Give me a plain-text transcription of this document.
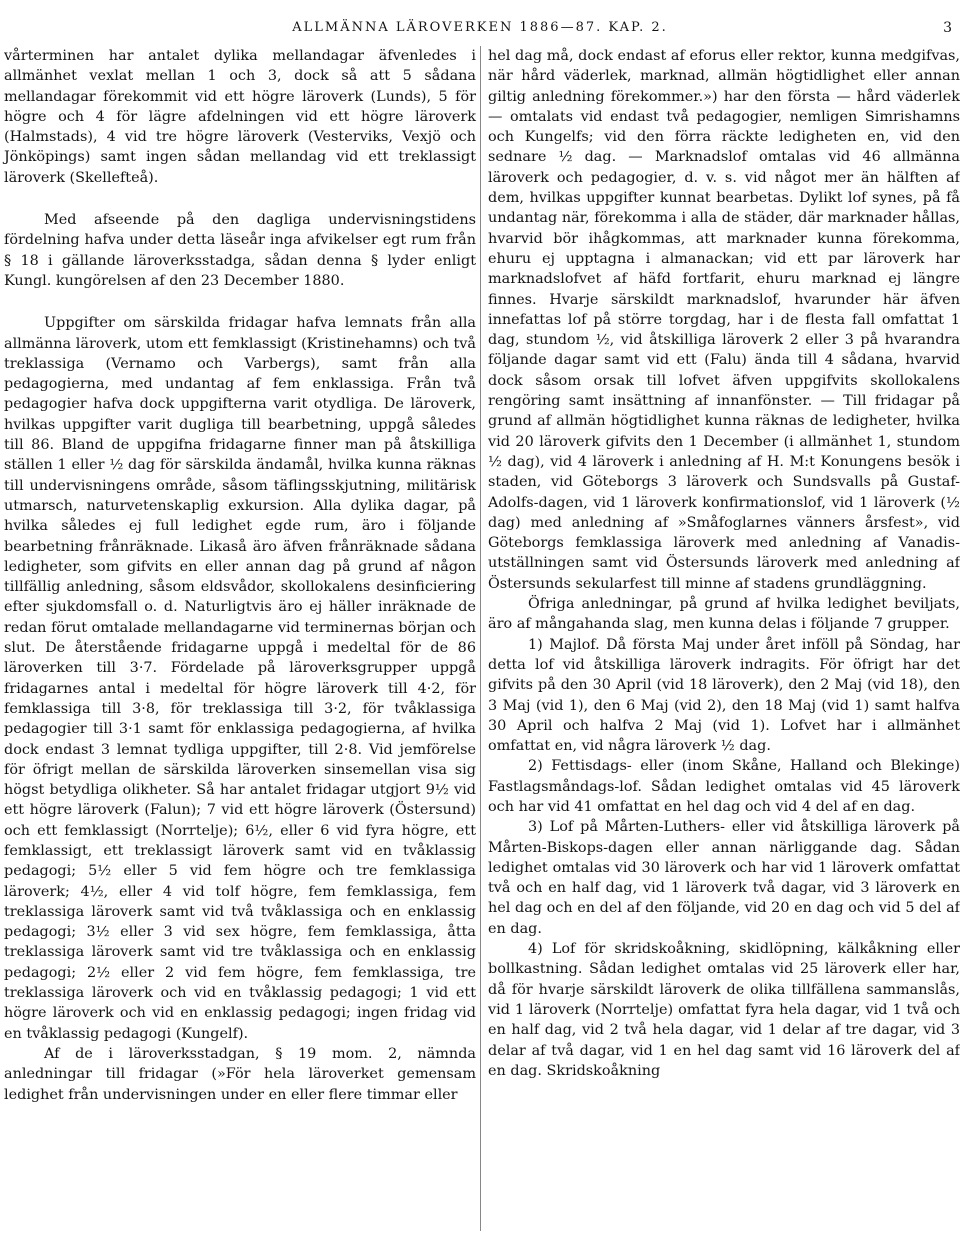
ALLMÄNNA LÄROVERKEN 1886—87. KAP. 2.	3

vårterminen har antalet dylika mellandagar äfvenledes i allmänhet vexlat mellan 1 och 3, dock så att 5 sådana mellandagar förekommit vid ett högre läroverk (Lunds), 5 för högre och 4 för lägre afdelningen vid ett högre läroverk (Halmstads), 4 vid tre högre läroverk (Vesterviks, Vexjö och Jönköpings) samt ingen sådan mellandag vid ett treklassigt läroverk (Skellefteå).

Med afseende på den dagliga undervisningstidens fördelning hafva under detta läseår inga afvikelser egt rum från § 18 i gällande läroverksstadga, sådan denna § lyder enligt Kungl. kungörelsen af den 23 December 1880.

Uppgifter om särskilda fridagar hafva lemnats från alla allmänna läroverk, utom ett femklassigt (Kristinehamns) och två treklassiga (Vernamo och Varbergs), samt från alla pedagogierna, med undantag af fem enklassiga. Från två pedagogier hafva dock uppgifterna varit otydliga. De läroverk, hvilkas uppgifter varit dugliga till bearbetning, uppgå således till 86. Bland de uppgifna fridagarne finner man på åtskilliga ställen 1 eller ½ dag för särskilda ändamål, hvilka kunna räknas till undervisningens område, såsom täflingsskjutning, militärisk utmarsch, naturvetenskaplig exkursion. Alla dylika dagar, på hvilka således ej full ledighet egde rum, äro i följande bearbetning frånräknade. Likaså äro äfven frånräknade sådana ledigheter, som gifvits en eller annan dag på grund af någon tillfällig anledning, såsom eldsvådor, skollokalens desinficiering efter sjukdomsfall o. d. Naturligtvis äro ej häller inräknade de redan förut omtalade mellandagarne vid terminernas början och slut. De återstående fridagarne uppgå i medeltal för de 86 läroverken till 3·7. Fördelade på läroverksgrupper uppgå fridagarnes antal i medeltal för högre läroverk till 4·2, för femklassiga till 3·8, för treklassiga till 3·2, för tvåklassiga pedagogier till 3·1 samt för enklassiga pedagogierna, af hvilka dock endast 3 lemnat tydliga uppgifter, till 2·8. Vid jemförelse för öfrigt mellan de särskilda läroverken sinsemellan visa sig högst betydliga olikheter. Så har antalet fridagar utgjort 9½ vid ett högre läroverk (Falun); 7 vid ett högre läroverk (Östersund) och ett femklassigt (Norrtelje); 6½, eller 6 vid fyra högre, ett femklassigt, ett treklassigt läroverk samt vid en tvåklassig pedagogi; 5½ eller 5 vid fem högre och tre femklassiga läroverk; 4½, eller 4 vid tolf högre, fem femklassiga, fem treklassiga läroverk samt vid två tvåklassiga och en enklassig pedagogi; 3½ eller 3 vid sex högre, fem femklassiga, åtta treklassiga läroverk samt vid tre tvåklassiga och en enklassig pedagogi; 2½ eller 2 vid fem högre, fem femklassiga, tre treklassiga läroverk och vid en tvåklassig pedagogi; 1 vid ett högre läroverk och vid en enklassig pedagogi; ingen fridag vid en tvåklassig pedagogi (Kungelf).

Af de i läroverksstadgan, § 19 mom. 2, nämnda anledningar till fridagar (»För hela läroverket gemensam ledighet från undervisningen under en eller flere timmar eller

hel dag må, dock endast af eforus eller rektor, kunna medgifvas, när hård väderlek, marknad, allmän högtidlighet eller annan giltig anledning förekommer.») har den första — hård väderlek — omtalats vid endast två pedagogier, nemligen Simrishamns och Kungelfs; vid den förra räckte ledigheten en, vid den sednare ½ dag. — Marknadslof omtalas vid 46 allmänna läroverk och pedagogier, d. v. s. vid något mer än hälften af dem, hvilkas uppgifter kunnat bearbetas. Dylikt lof synes, på få undantag när, förekomma i alla de städer, där marknader hållas, hvarvid bör ihågkommas, att marknader kunna förekomma, ehuru ej upptagna i almanackan; vid ett par läroverk har marknadslofvet af häfd fortfarit, ehuru marknad ej längre finnes. Hvarje särskildt marknadslof, hvarunder här äfven innefattas lof på större torgdag, har i de flesta fall omfattat 1 dag, stundom ½, vid åtskilliga läroverk 2 eller 3 på hvarandra följande dagar samt vid ett (Falu) ända till 4 sådana, hvarvid dock såsom orsak till lofvet äfven uppgifvits skollokalens rengöring samt insättning af innanfönster. — Till fridagar på grund af allmän högtidlighet kunna räknas de ledigheter, hvilka vid 20 läroverk gifvits den 1 December (i allmänhet 1, stundom ½ dag), vid 4 läroverk i anledning af H. M:t Konungens besök i staden, vid Göteborgs 3 läroverk och Sundsvalls på Gustaf-Adolfs-dagen, vid 1 läroverk konfirmationslof, vid 1 läroverk (½ dag) med anledning af »Småfoglarnes vänners årsfest», vid Göteborgs femklassiga läroverk med anledning af Vanadis-utställningen samt vid Östersunds läroverk med anledning af Östersunds sekularfest till minne af stadens grundläggning.

Öfriga anledningar, på grund af hvilka ledighet beviljats, äro af mångahanda slag, men kunna delas i följande 7 grupper.

1) Majlof. Då första Maj under året inföll på Söndag, har detta lof vid åtskilliga läroverk indragits. För öfrigt har det gifvits på den 30 April (vid 18 läroverk), den 2 Maj (vid 18), den 3 Maj (vid 1), den 6 Maj (vid 2), den 18 Maj (vid 1) samt halfva 30 April och halfva 2 Maj (vid 1). Lofvet har i allmänhet omfattat en, vid några läroverk ½ dag.

2) Fettisdags- eller (inom Skåne, Halland och Blekinge) Fastlagsmåndags-lof. Sådan ledighet omtalas vid 45 läroverk och har vid 41 omfattat en hel dag och vid 4 del af en dag.

3) Lof på Mårten-Luthers- eller vid åtskilliga läroverk på Mårten-Biskops-dagen eller annan närliggande dag. Sådan ledighet omtalas vid 30 läroverk och har vid 1 läroverk omfattat två och en half dag, vid 1 läroverk två dagar, vid 3 läroverk en hel dag och en del af den följande, vid 20 en dag och vid 5 del af en dag.

4) Lof för skridskoåkning, skidlöpning, kälkåkning eller bollkastning. Sådan ledighet omtalas vid 25 läroverk eller har, då för hvarje särskildt läroverk de olika tillfällena sammanslås, vid 1 läroverk (Norrtelje) omfattat fyra hela dagar, vid 1 två och en half dag, vid 2 två hela dagar, vid 1 delar af tre dagar, vid 3 delar af två dagar, vid 1 en hel dag samt vid 16 läroverk del af en dag. Skridskoåkning
